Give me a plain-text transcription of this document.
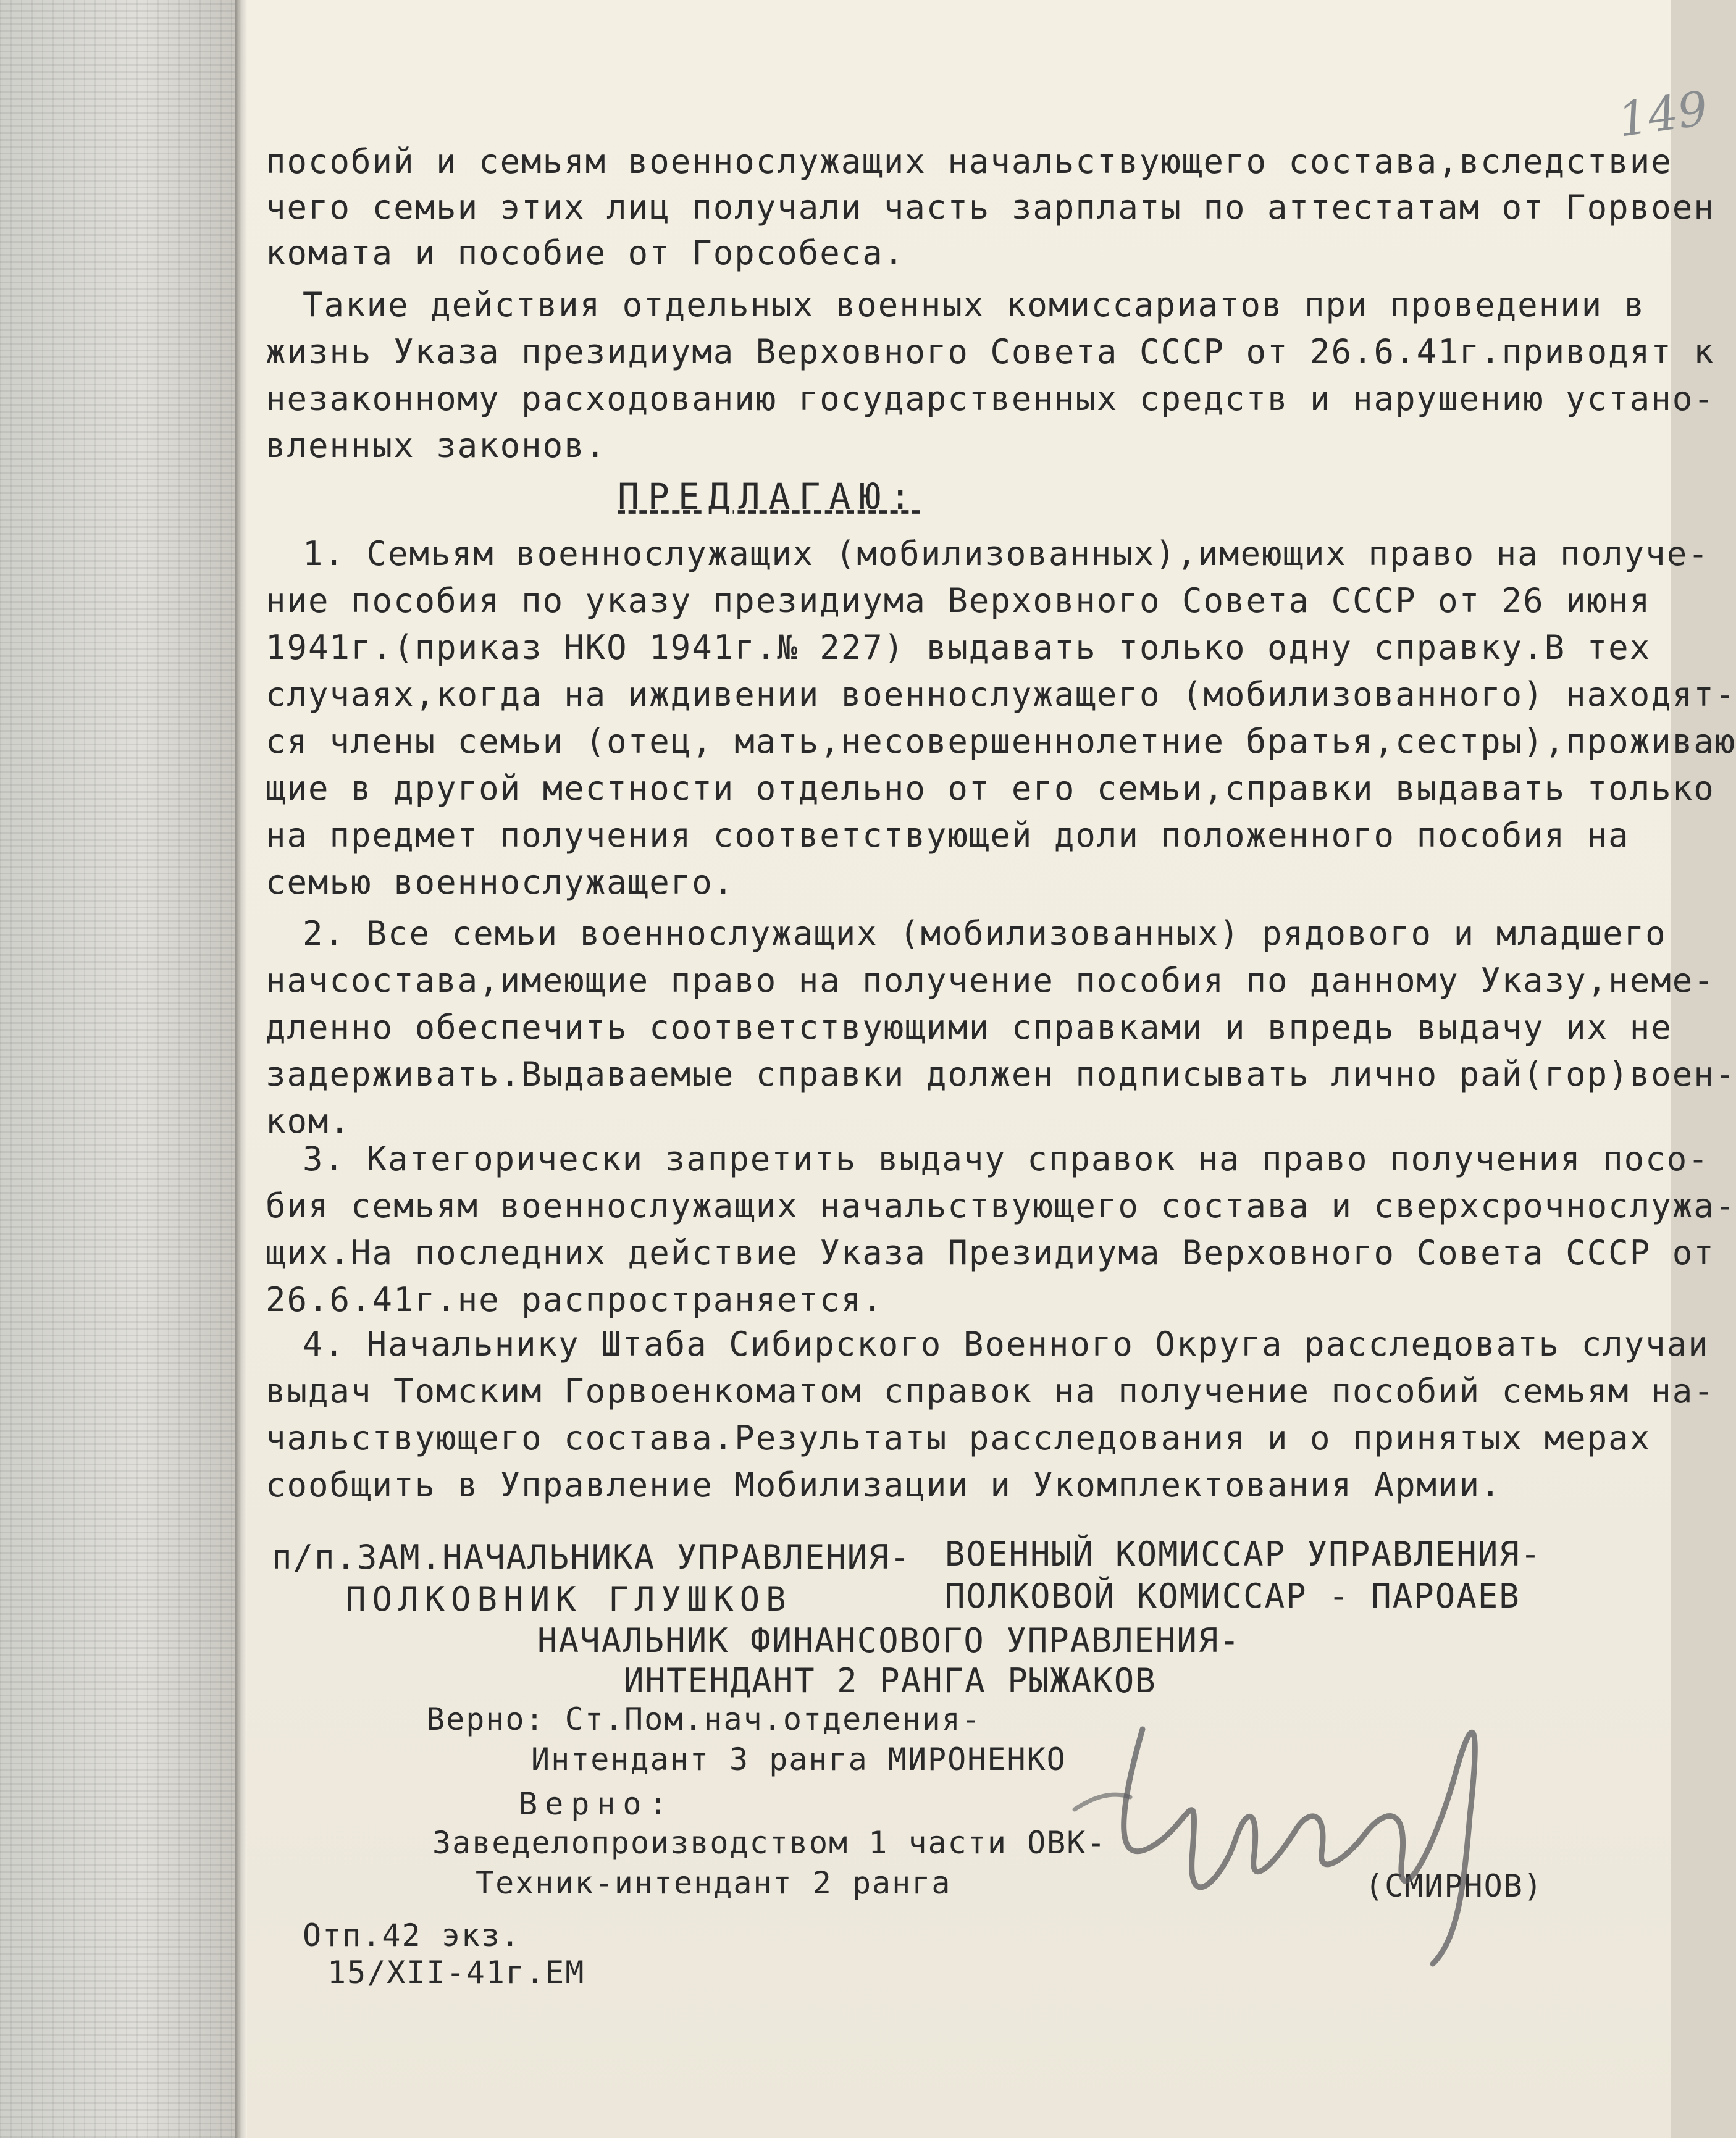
149
пособий и семьям военнослужащих начальствующего состава,вследствие
чего семьи этих лиц получали часть зарплаты по аттестатам от Горвоен
комата и пособие от Горсобеса.
Такие действия отдельных военных комиссариатов при проведении в
жизнь Указа президиума Верховного Совета СССР от 26.6.41г.приводят к
незаконному расходованию государственных средств и нарушению устано-
вленных законов.
ПРЕДЛАГАЮ:
1. Семьям военнослужащих (мобилизованных),имеющих право на получе-
ние пособия по указу президиума Верховного Совета СССР от 26 июня
1941г.(приказ НКО 1941г.№ 227) выдавать только одну справку.В тех
случаях,когда на иждивении военнослужащего (мобилизованного) находят-
ся члены семьи (отец, мать,несовершеннолетние братья,сестры),проживаю
щие в другой местности отдельно от его семьи,справки выдавать только
на предмет получения соответствующей доли положенного пособия на
семью военнослужащего.
2. Все семьи военнослужащих (мобилизованных) рядового и младшего
начсостава,имеющие право на получение пособия по данному Указу,неме-
дленно обеспечить соответствующими справками и впредь выдачу их не
задерживать.Выдаваемые справки должен подписывать лично рай(гор)воен-
ком.
3. Категорически запретить выдачу справок на право получения посо-
бия семьям военнослужащих начальствующего состава и сверхсрочнослужа-
щих.На последних действие Указа Президиума Верховного Совета СССР от
26.6.41г.не распространяется.
4. Начальнику Штаба Сибирского Военного Округа расследовать случаи
выдач Томским Горвоенкоматом справок на получение пособий семьям на-
чальствующего состава.Результаты расследования и о принятых мерах
сообщить в Управление Мобилизации и Укомплектования Армии.
п/п.ЗАМ.НАЧАЛЬНИКА УПРАВЛЕНИЯ-
ПОЛКОВНИК ГЛУШКОВ
ВОЕННЫЙ КОМИССАР УПРАВЛЕНИЯ-
ПОЛКОВОЙ КОМИССАР - ПАРОАЕВ
НАЧАЛЬНИК ФИНАНСОВОГО УПРАВЛЕНИЯ-
ИНТЕНДАНТ 2 РАНГА РЫЖАКОВ
Верно: Ст.Пом.нач.отделения-
Интендант 3 ранга МИРОНЕНКО
Верно:
Заведелопроизводством 1 части ОВК-
Техник-интендант 2 ранга	(СМИРНОВ)
Отп.42 экз.
15/XII-41г.ЕМ
